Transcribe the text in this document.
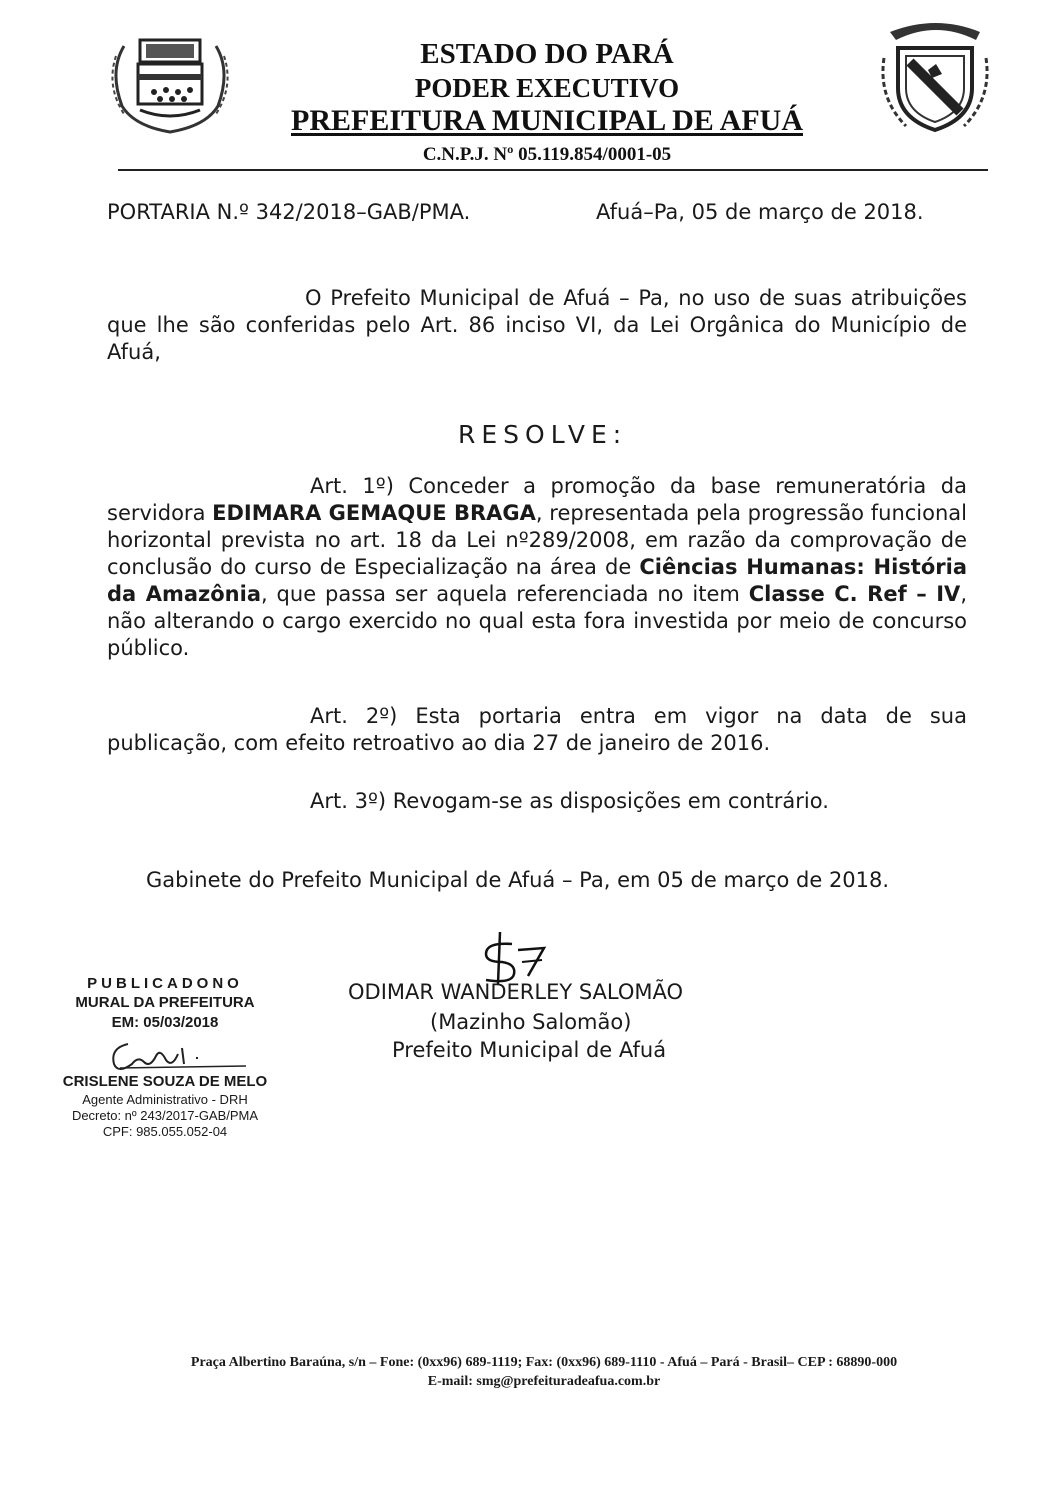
ESTADO DO PARÁ
PODER EXECUTIVO
PREFEITURA MUNICIPAL DE AFUÁ
C.N.P.J. Nº 05.119.854/0001-05
PORTARIA N.º 342/2018–GAB/PMA.	Afuá–Pa, 05 de março de 2018.
O Prefeito Municipal de Afuá – Pa, no uso de suas atribuições que lhe são conferidas pelo Art. 86 inciso VI, da Lei Orgânica do Município de Afuá,
RESOLVE:
Art. 1º) Conceder a promoção da base remuneratória da servidora EDIMARA GEMAQUE BRAGA, representada pela progressão funcional horizontal prevista no art. 18 da Lei nº289/2008, em razão da comprovação de conclusão do curso de Especialização na área de Ciências Humanas: História da Amazônia, que passa ser aquela referenciada no item Classe C. Ref – IV, não alterando o cargo exercido no qual esta fora investida por meio de concurso público.
Art. 2º) Esta portaria entra em vigor na data de sua publicação, com efeito retroativo ao dia 27 de janeiro de 2016.
Art. 3º) Revogam-se as disposições em contrário.
Gabinete do Prefeito Municipal de Afuá – Pa, em 05 de março de 2018.
ODIMAR WANDERLEY SALOMÃO
(Mazinho Salomão)
Prefeito Municipal de Afuá
PUBLICADONO
MURAL DA PREFEITURA
EM: 05/03/2018
CRISLENE SOUZA DE MELO
Agente Administrativo - DRH
Decreto: nº 243/2017-GAB/PMA
CPF: 985.055.052-04
Praça Albertino Baraúna, s/n – Fone: (0xx96) 689-1119; Fax: (0xx96) 689-1110 - Afuá – Pará - Brasil– CEP : 68890-000
E-mail: smg@prefeituradeafua.com.br
